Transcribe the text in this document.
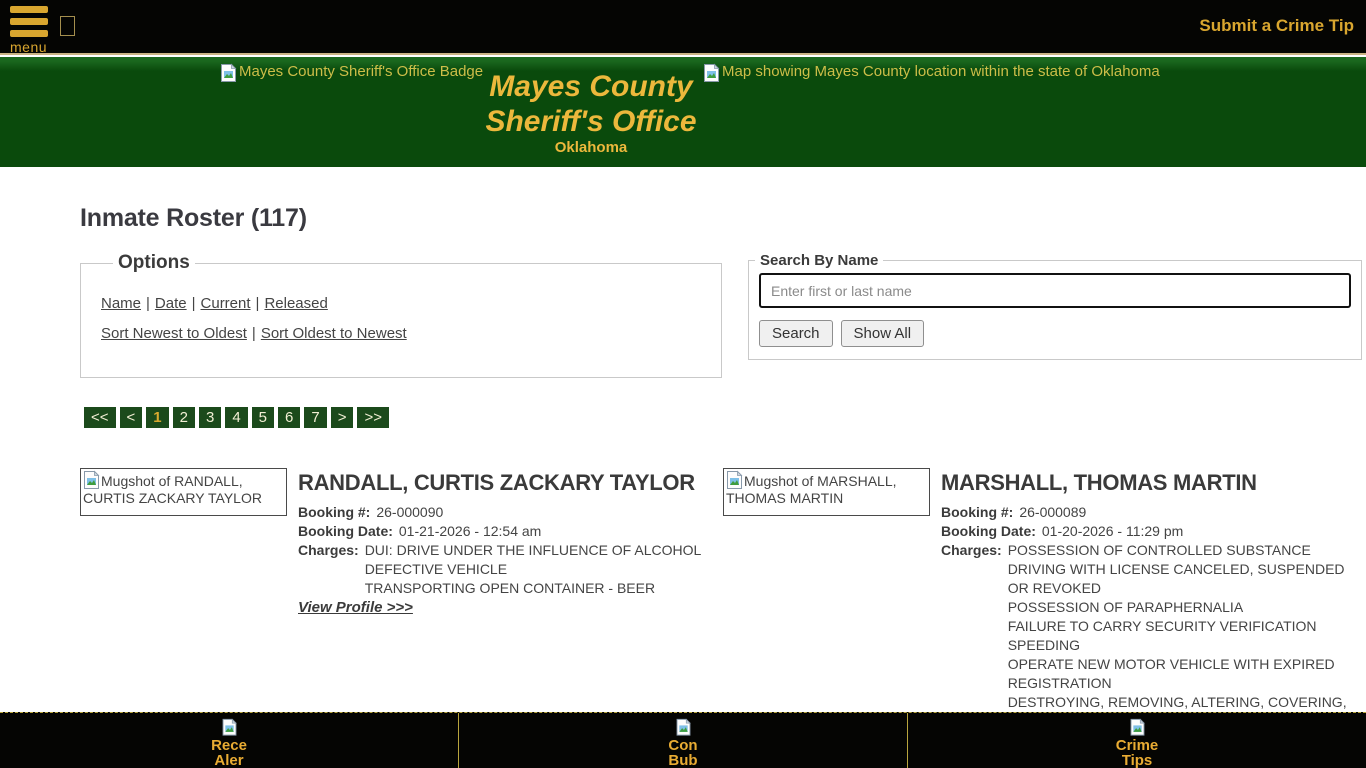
menu
Submit a Crime Tip
Mayes County Sheriff's Office Badge Mayes County
Sheriff's Office
Oklahoma
Map showing Mayes County location within the state of Oklahoma
Inmate Roster (117)
Options
Name | Date | Current | Released
Sort Newest to Oldest | Sort Oldest to Newest
Search By Name
Enter first or last name
Search	Show All
<<	<	1	2	3	4	5	6	7	>	>>
Mugshot of RANDALL, CURTIS ZACKARY TAYLOR
RANDALL, CURTIS ZACKARY TAYLOR
Booking #: 26-000090
Booking Date: 01-21-2026 - 12:54 am
Charges: DUI: DRIVE UNDER THE INFLUENCE OF ALCOHOL
DEFECTIVE VEHICLE
TRANSPORTING OPEN CONTAINER - BEER
View Profile >>>
Mugshot of MARSHALL, THOMAS MARTIN
MARSHALL, THOMAS MARTIN
Booking #: 26-000089
Booking Date: 01-20-2026 - 11:29 pm
Charges: POSSESSION OF CONTROLLED SUBSTANCE
DRIVING WITH LICENSE CANCELED, SUSPENDED OR REVOKED
POSSESSION OF PARAPHERNALIA
FAILURE TO CARRY SECURITY VERIFICATION
SPEEDING
OPERATE NEW MOTOR VEHICLE WITH EXPIRED REGISTRATION
DESTROYING, REMOVING, ALTERING, COVERING,
Rece
Aler
Con
Bub
Crime
Tips
